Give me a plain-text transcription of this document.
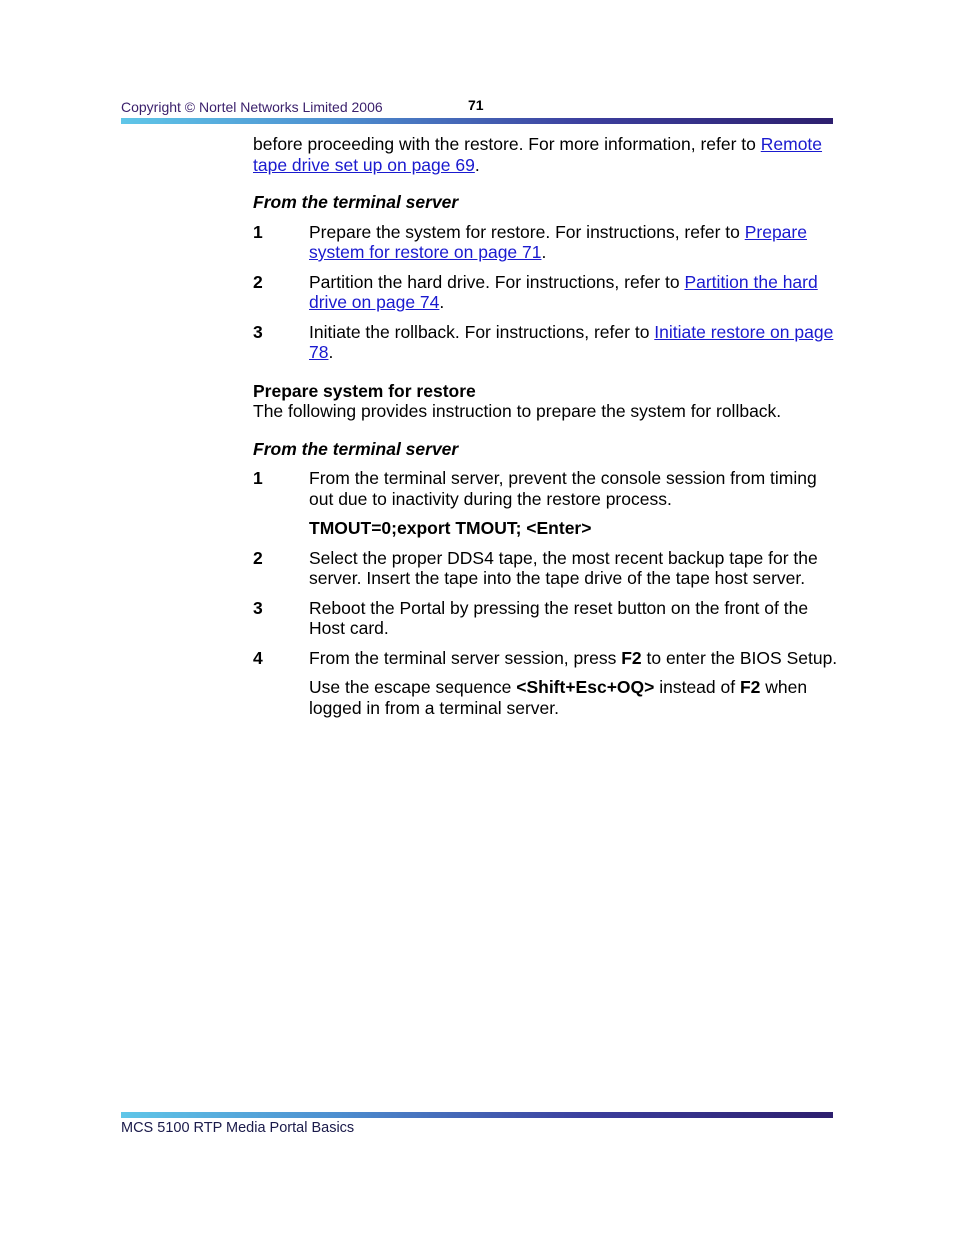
Copyright © Nortel Networks Limited 2006	71

before proceeding with the restore. For more information, refer to Remote tape drive set up on page 69.

From the terminal server
1	Prepare the system for restore. For instructions, refer to Prepare system for restore on page 71.
2	Partition the hard drive. For instructions, refer to Partition the hard drive on page 74.
3	Initiate the rollback. For instructions, refer to Initiate restore on page 78.
Prepare system for restore

The following provides instruction to prepare the system for rollback.

From the terminal server
1	From the terminal server, prevent the console session from timing out due to inactivity during the restore process.
TMOUT=0;export TMOUT; <Enter>
2	Select the proper DDS4 tape, the most recent backup tape for the server. Insert the tape into the tape drive of the tape host server.
3	Reboot the Portal by pressing the reset button on the front of the Host card.
4	From the terminal server session, press F2 to enter the BIOS Setup.
Use the escape sequence <Shift+Esc+OQ> instead of F2 when logged in from a terminal server.
MCS 5100 RTP Media Portal Basics
